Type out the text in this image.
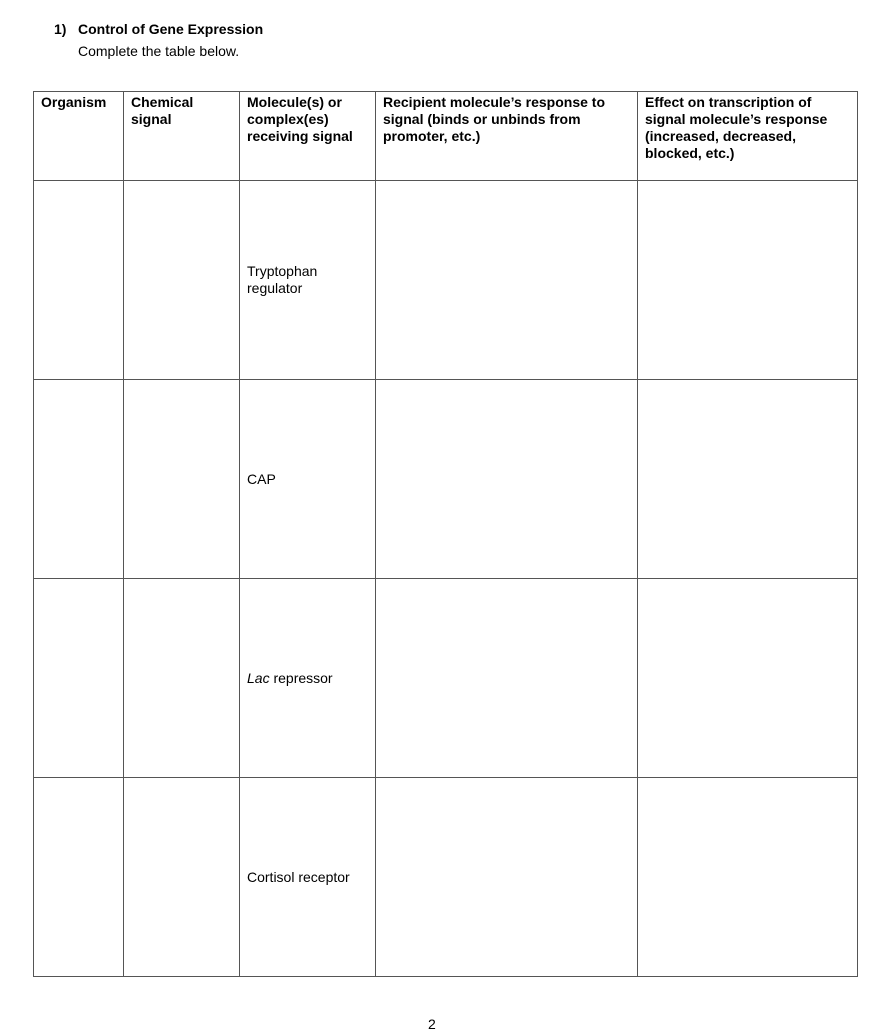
1) Control of Gene Expression
Complete the table below.
Organism	Chemical signal	Molecule(s) or complex(es) receiving signal	Recipient molecule’s response to signal (binds or unbinds from promoter, etc.)	Effect on transcription of signal molecule’s response (increased, decreased, blocked, etc.)
		Tryptophan regulator		
		CAP		
		Lac repressor		
		Cortisol receptor		
2
